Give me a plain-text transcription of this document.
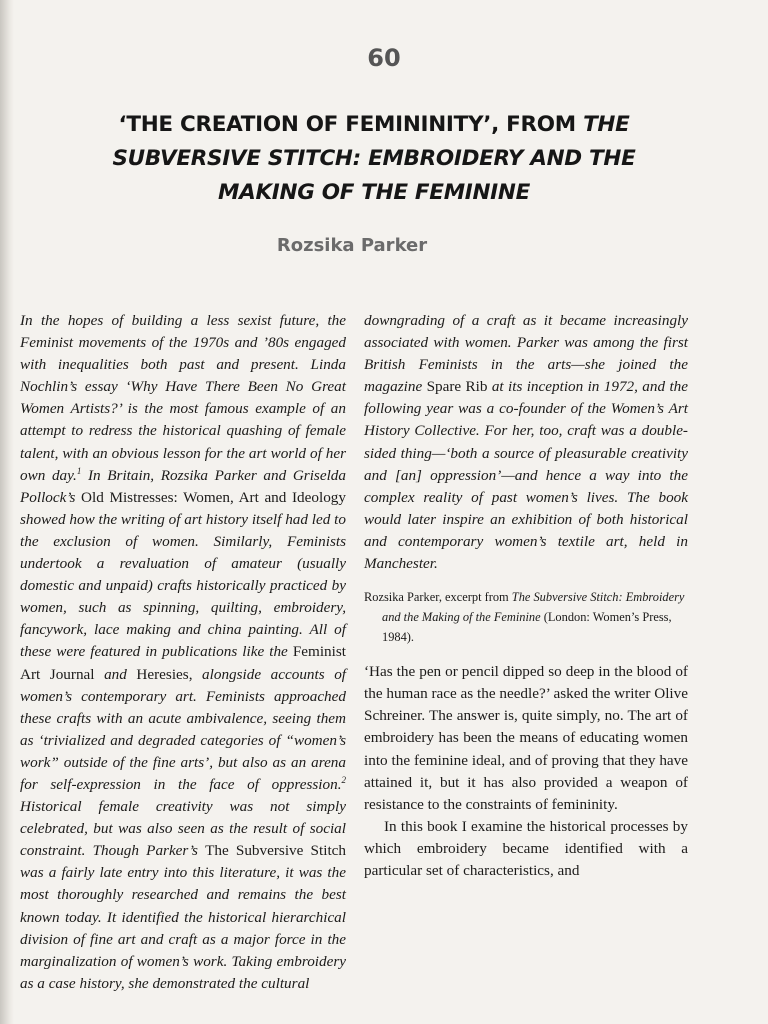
60
‘THE CREATION OF FEMININITY’, FROM THE
SUBVERSIVE STITCH: EMBROIDERY AND THE
MAKING OF THE FEMININE
Rozsika Parker

In the hopes of building a less sexist future, the Feminist movements of the 1970s and ’80s engaged with inequalities both past and present. Linda Nochlin’s essay ‘Why Have There Been No Great Women Artists?’ is the most famous example of an attempt to redress the historical quashing of female talent, with an obvious lesson for the art world of her own day.$^1$ In Britain, Rozsika Parker and Griselda Pollock’s Old Mistresses: Women, Art and Ideology showed how the writing of art history itself had led to the exclusion of women. Similarly, Feminists undertook a revaluation of amateur (usually domestic and unpaid) crafts historically practiced by women, such as spinning, quilting, embroidery, fancywork, lace making and china painting. All of these were featured in publications like the Feminist Art Journal and Heresies, alongside accounts of women’s contemporary art. Feminists approached these crafts with an acute ambivalence, seeing them as ‘trivialized and degraded categories of “women’s work” outside of the fine arts’, but also as an arena for self-expression in the face of oppression.$^2$ Historical female creativity was not simply celebrated, but was also seen as the result of social constraint. Though Parker’s The Subversive Stitch was a fairly late entry into this literature, it was the most thoroughly researched and remains the best known today. It identified the historical hierarchical division of fine art and craft as a major force in the marginalization of women’s work. Taking embroidery as a case history, she demonstrated the cultural

downgrading of a craft as it became increasingly associated with women. Parker was among the first British Feminists in the arts—she joined the magazine Spare Rib at its inception in 1972, and the following year was a co-founder of the Women’s Art History Collective. For her, too, craft was a double-sided thing—‘both a source of pleasurable creativity and [an] oppression’—and hence a way into the complex reality of past women’s lives. The book would later inspire an exhibition of both historical and contemporary women’s textile art, held in Manchester.

Rozsika Parker, excerpt from The Subversive Stitch: Embroidery and the Making of the Feminine (London: Women’s Press, 1984).

‘Has the pen or pencil dipped so deep in the blood of the human race as the needle?’ asked the writer Olive Schreiner. The answer is, quite simply, no. The art of embroidery has been the means of educating women into the feminine ideal, and of proving that they have attained it, but it has also provided a weapon of resistance to the constraints of femininity.

In this book I examine the historical processes by which embroidery became identified with a particular set of characteristics, and
